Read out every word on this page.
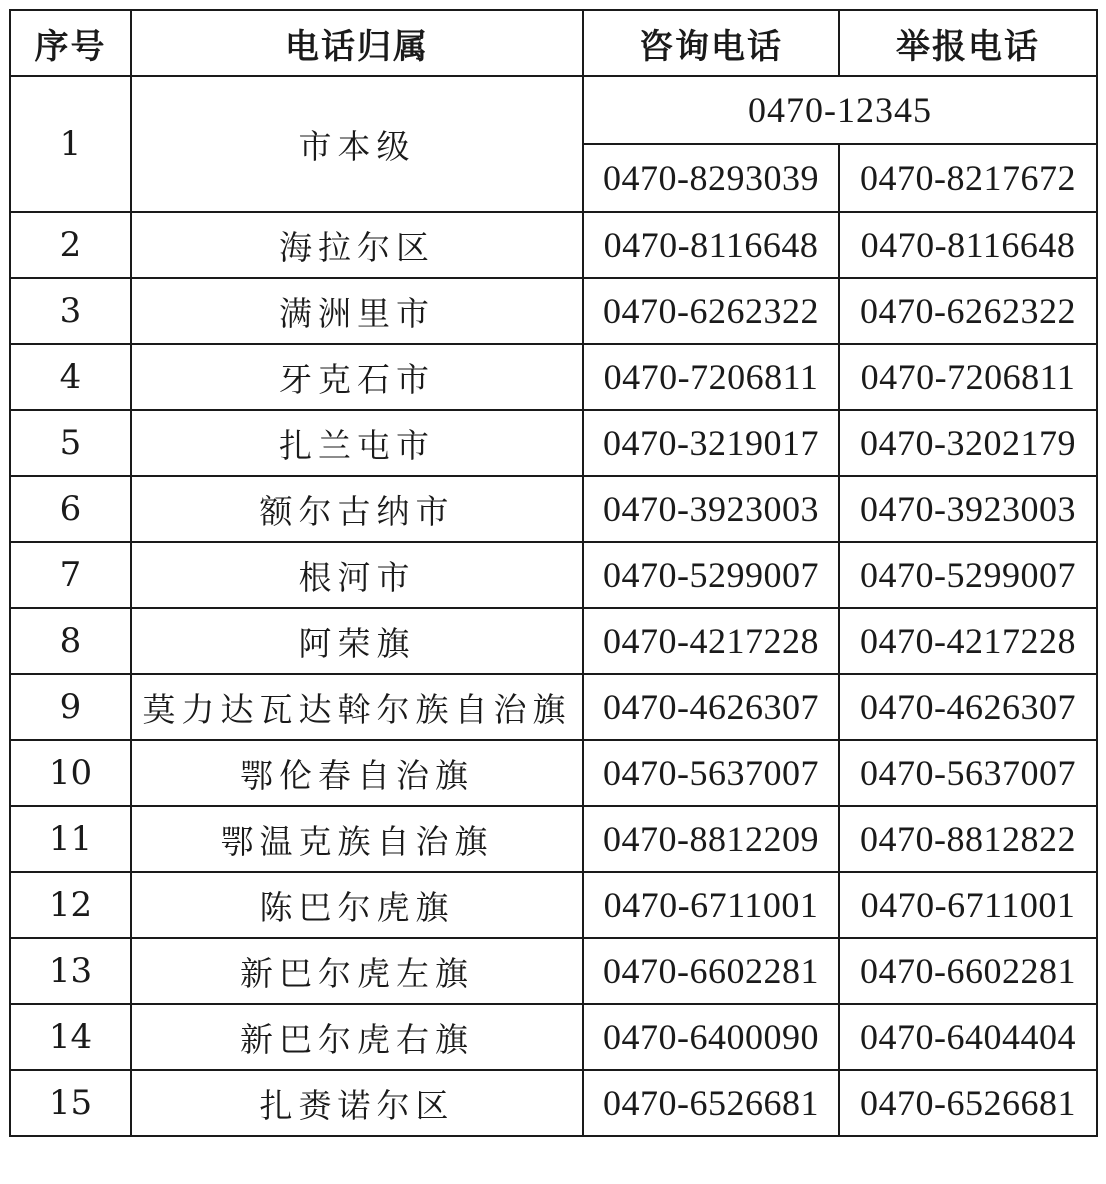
序号	电话归属	咨询电话	举报电话
1	市本级	0470-12345	
		0470-8293039	0470-8217672
2	海拉尔区	0470-8116648	0470-8116648
3	满洲里市	0470-6262322	0470-6262322
4	牙克石市	0470-7206811	0470-7206811
5	扎兰屯市	0470-3219017	0470-3202179
6	额尔古纳市	0470-3923003	0470-3923003
7	根河市	0470-5299007	0470-5299007
8	阿荣旗	0470-4217228	0470-4217228
9	莫力达瓦达斡尔族自治旗	0470-4626307	0470-4626307
10	鄂伦春自治旗	0470-5637007	0470-5637007
11	鄂温克族自治旗	0470-8812209	0470-8812822
12	陈巴尔虎旗	0470-6711001	0470-6711001
13	新巴尔虎左旗	0470-6602281	0470-6602281
14	新巴尔虎右旗	0470-6400090	0470-6404404
15	扎赉诺尔区	0470-6526681	0470-6526681
